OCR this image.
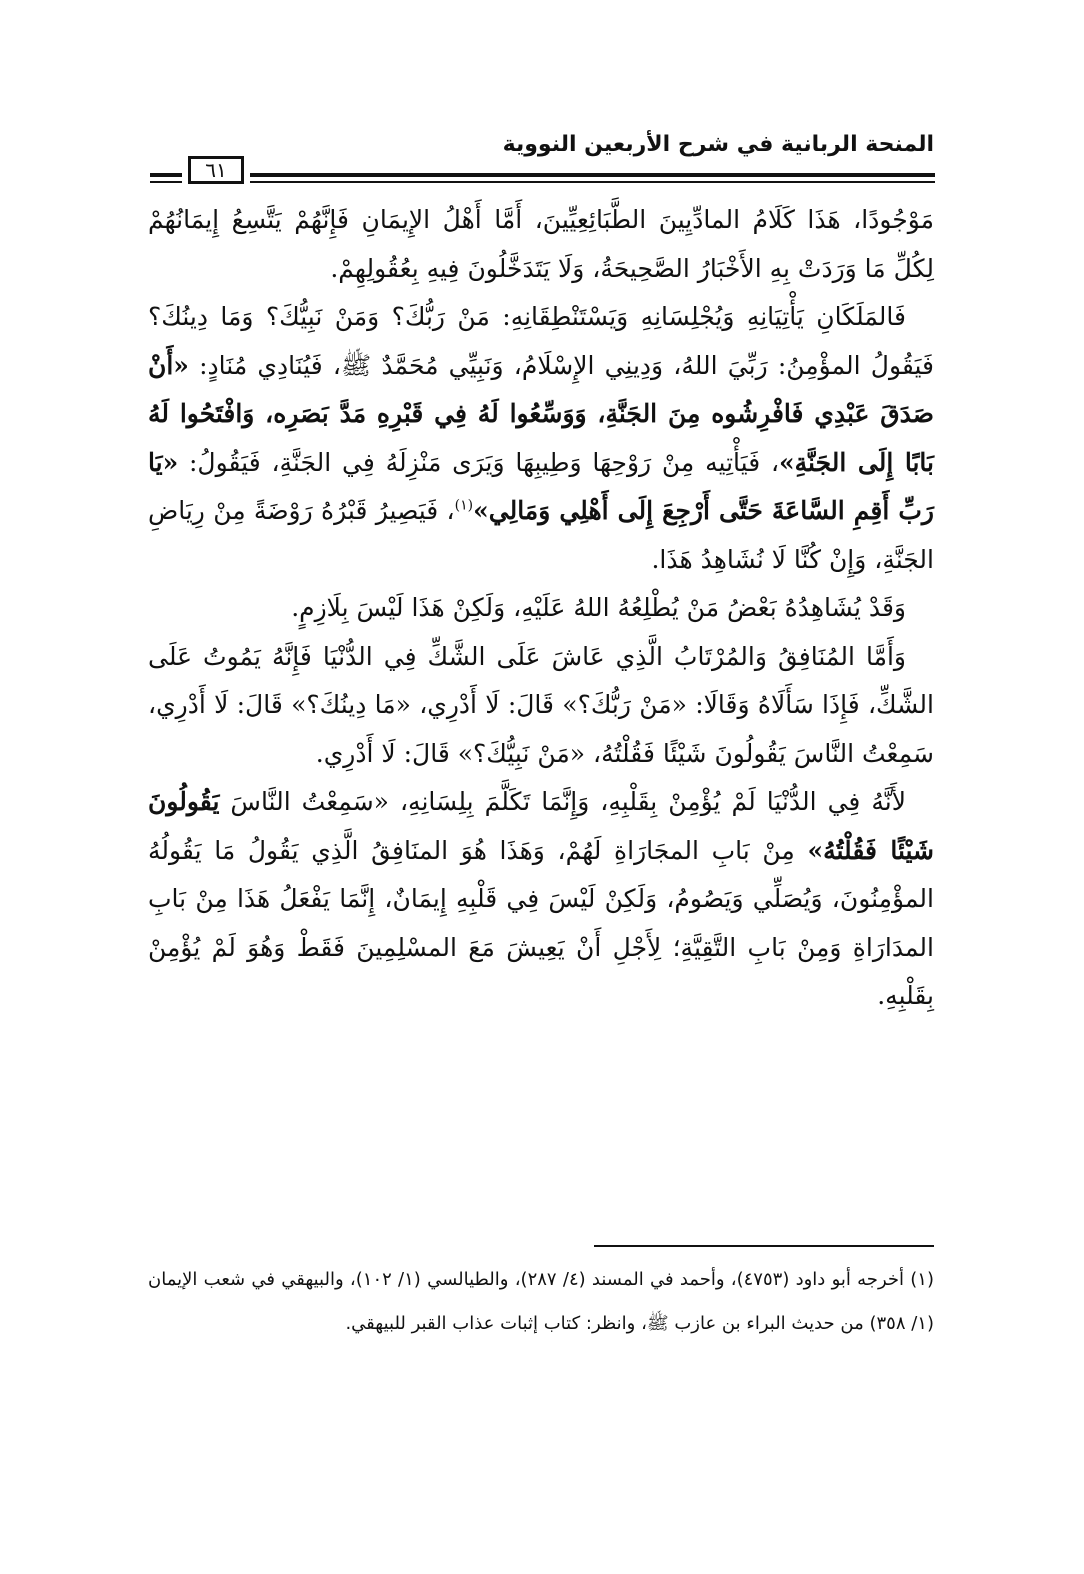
المنحة الربانية في شرح الأربعين النووية
٦١

مَوْجُودًا، هَذَا كَلَامُ المادِّيِينَ الطَّبَائِعِيِّينَ، أَمَّا أَهْلُ الإِيمَانِ فَإِنَّهُمْ يَتَّسِعُ إِيمَانُهُمْ لِكُلِّ مَا وَرَدَتْ بِهِ الأَخْبَارُ الصَّحِيحَةُ، وَلَا يَتَدَخَّلُونَ فِيهِ بِعُقُولِهِمْ.

فَالمَلَكَانِ يَأْتِيَانِهِ وَيُجْلِسَانِهِ وَيَسْتَنْطِقَانِهِ: مَنْ رَبُّكَ؟ وَمَنْ نَبِيُّكَ؟ وَمَا دِينُكَ؟ فَيَقُولُ المؤْمِنُ: رَبِّيَ اللهُ، وَدِينِي الإِسْلَامُ، وَنَبِيِّي مُحَمَّدٌ ﷺ، فَيُنَادِي مُنَادٍ: «أَنْ صَدَقَ عَبْدِي فَافْرِشُوه مِنَ الجَنَّةِ، وَوَسِّعُوا لَهُ فِي قَبْرِهِ مَدَّ بَصَرِه، وَافْتَحُوا لَهُ بَابًا إِلَى الجَنَّةِ»، فَيَأْتِيه مِنْ رَوْحِهَا وَطِيبِهَا وَيَرَى مَنْزِلَهُ فِي الجَنَّةِ، فَيَقُولُ: «يَا رَبِّ أَقِمِ السَّاعَةَ حَتَّى أَرْجِعَ إِلَى أَهْلِي وَمَالِي»$^{(١)}$، فَيَصِيرُ قَبْرُهُ رَوْضَةً مِنْ رِيَاضِ الجَنَّةِ، وَإِنْ كُنَّا لَا نُشَاهِدُ هَذَا.

وَقَدْ يُشَاهِدُهُ بَعْضُ مَنْ يُطْلِعُهُ اللهُ عَلَيْهِ، وَلَكِنْ هَذَا لَيْسَ بِلَازِمٍ.

وَأَمَّا المُنَافِقُ وَالمُرْتَابُ الَّذِي عَاشَ عَلَى الشَّكِّ فِي الدُّنْيَا فَإِنَّهُ يَمُوتُ عَلَى الشَّكِّ، فَإِذَا سَأَلَاهُ وَقَالَا: «مَنْ رَبُّكَ؟» قَالَ: لَا أَدْرِي، «مَا دِينُكَ؟» قَالَ: لَا أَدْرِي، سَمِعْتُ النَّاسَ يَقُولُونَ شَيْئًا فَقُلْتُهُ، «مَنْ نَبِيُّكَ؟» قَالَ: لَا أَدْرِي.

لأَنَّهُ فِي الدُّنْيَا لَمْ يُؤْمِنْ بِقَلْبِهِ، وَإِنَّمَا تَكَلَّمَ بِلِسَانِهِ، «سَمِعْتُ النَّاسَ يَقُولُونَ شَيْئًا فَقُلْتُهُ» مِنْ بَابِ المجَارَاةِ لَهُمْ، وَهَذَا هُوَ المنَافِقُ الَّذِي يَقُولُ مَا يَقُولُهُ المؤْمِنُونَ، وَيُصَلِّي وَيَصُومُ، وَلَكِنْ لَيْسَ فِي قَلْبِهِ إِيمَانٌ، إِنَّمَا يَفْعَلُ هَذَا مِنْ بَابِ المدَارَاةِ وَمِنْ بَابِ التَّقِيَّةِ؛ لِأَجْلِ أَنْ يَعِيشَ مَعَ المسْلِمِينَ فَقَطْ وَهُوَ لَمْ يُؤْمِنْ بِقَلْبِهِ.

(١) أخرجه أبو داود (٤٧٥٣)، وأحمد في المسند (٤/ ٢٨٧)، والطيالسي (١/ ١٠٢)، والبيهقي في شعب الإيمان (١/ ٣٥٨) من حديث البراء بن عازب ﷺ، وانظر: كتاب إثبات عذاب القبر للبيهقي.
